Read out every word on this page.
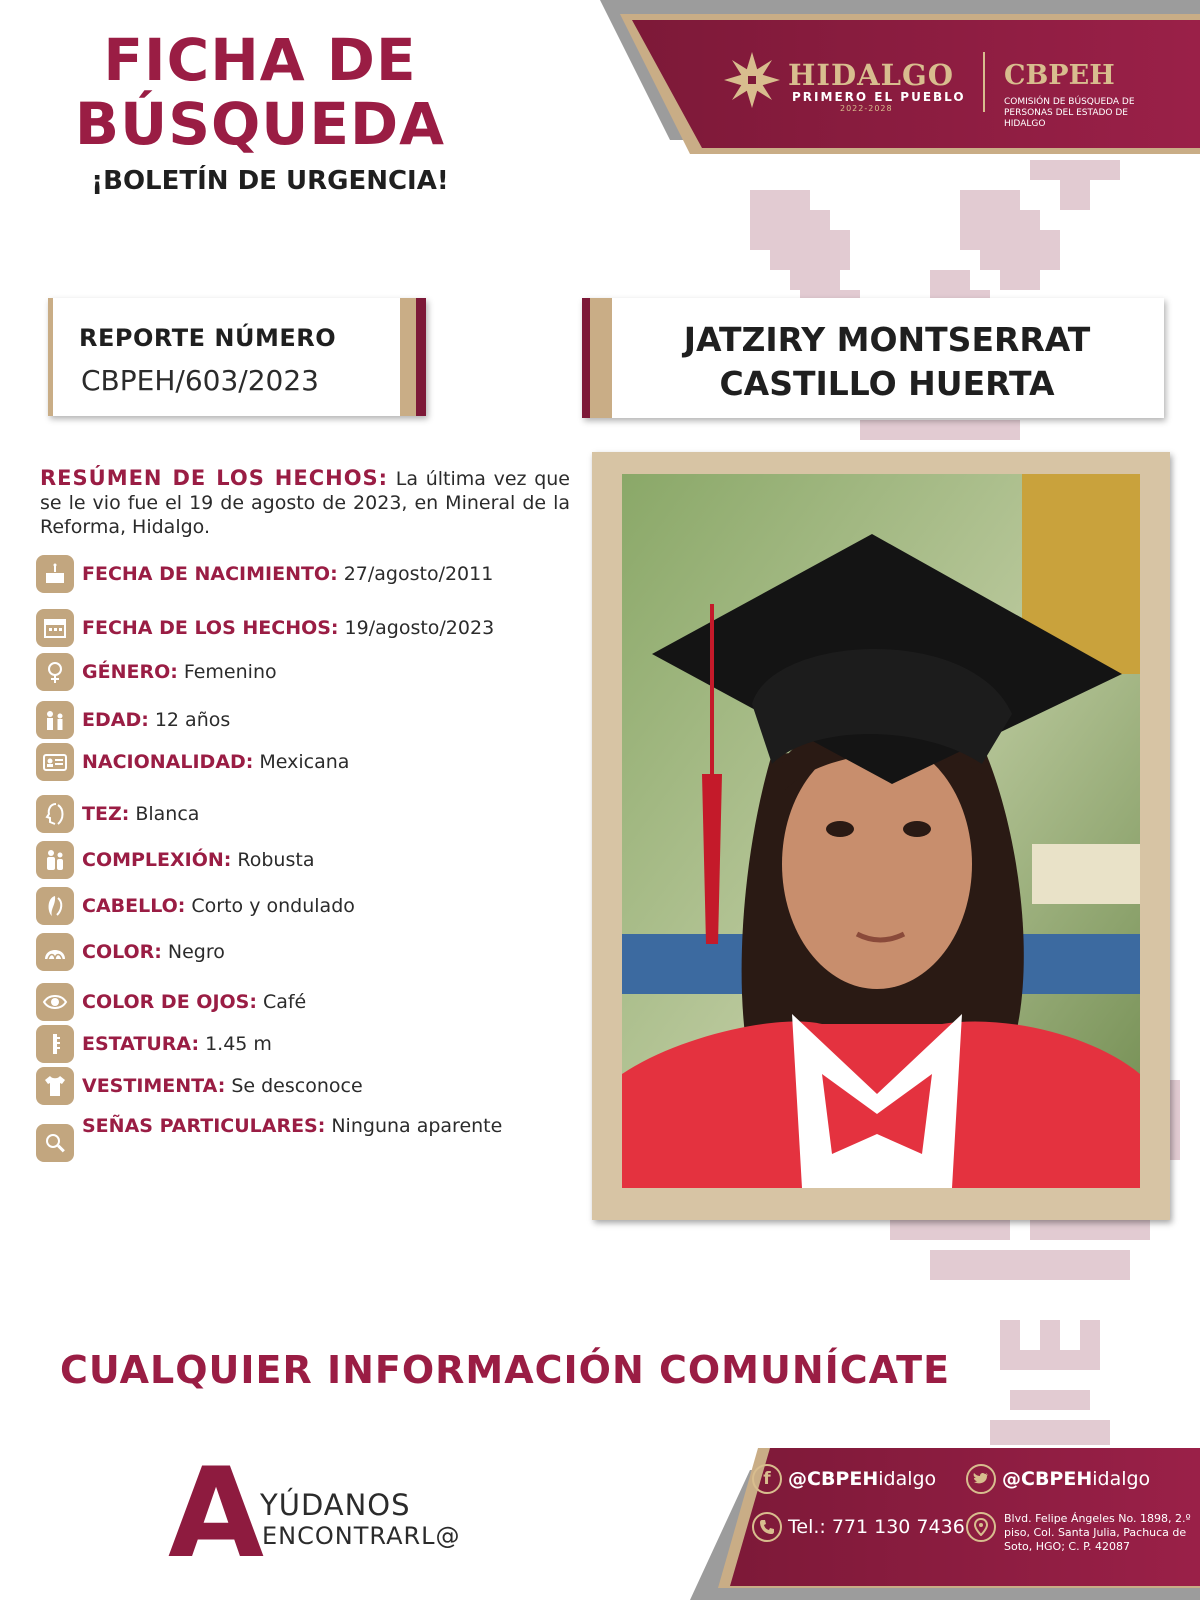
FICHA DE
BÚSQUEDA
¡BOLETÍN DE URGENCIA!
HIDALGO
PRIMERO EL PUEBLO
2022-2028
CBPEH
COMISIÓN DE BÚSQUEDA DE PERSONAS DEL ESTADO DE HIDALGO
REPORTE NÚMERO
CBPEH/603/2023
JATZIRY MONTSERRAT
CASTILLO HUERTA
RESÚMEN DE LOS HECHOS: La última vez que se le vio fue el 19 de agosto de 2023, en Mineral de la Reforma, Hidalgo.
FECHA DE NACIMIENTO: 27/agosto/2011
FECHA DE LOS HECHOS: 19/agosto/2023
GÉNERO: Femenino
EDAD: 12 años
NACIONALIDAD: Mexicana
TEZ: Blanca
COMPLEXIÓN: Robusta
CABELLO: Corto y ondulado
COLOR: Negro
COLOR DE OJOS: Café
ESTATURA: 1.45 m
VESTIMENTA: Se desconoce
SEÑAS PARTICULARES: Ninguna aparente
CUALQUIER INFORMACIÓN COMUNÍCATE
A
YÚDANOS
ENCONTRARL@
f @CBPEH idalgo	@CBPEH idalgo
Tel.: 771 130 7436	Blvd. Felipe Ángeles No. 1898, 2.º piso, Col. Santa Julia, Pachuca de Soto, HGO; C. P. 42087
